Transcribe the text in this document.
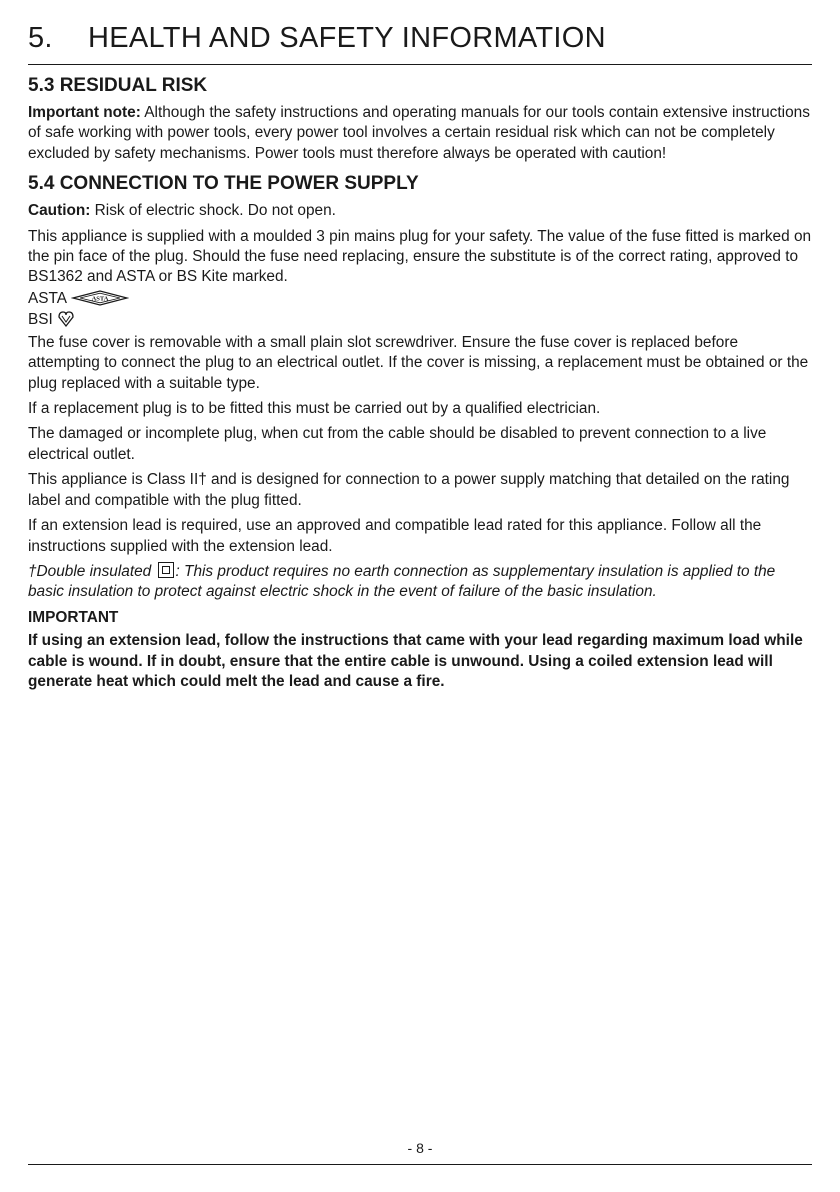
5. HEALTH AND SAFETY INFORMATION
5.3 RESIDUAL RISK

Important note: Although the safety instructions and operating manuals for our tools contain extensive instructions of safe working with power tools, every power tool involves a certain residual risk which can not be completely excluded by safety mechanisms. Power tools must therefore always be operated with caution!

5.4 CONNECTION TO THE POWER SUPPLY

Caution: Risk of electric shock. Do not open.

This appliance is supplied with a moulded 3 pin mains plug for your safety. The value of the fuse fitted is marked on the pin face of the plug. Should the fuse need replacing, ensure the substitute is of the correct rating, approved to BS1362 and ASTA or BS Kite marked.

ASTA	ASTA
BSI

The fuse cover is removable with a small plain slot screwdriver. Ensure the fuse cover is replaced before attempting to connect the plug to an electrical outlet. If the cover is missing, a replacement must be obtained or the plug replaced with a suitable type.

If a replacement plug is to be fitted this must be carried out by a qualified electrician.

The damaged or incomplete plug, when cut from the cable should be disabled to prevent connection to a live electrical outlet.

This appliance is Class II† and is designed for connection to a power supply matching that detailed on the rating label and compatible with the plug fitted.

If an extension lead is required, use an approved and compatible lead rated for this appliance. Follow all the instructions supplied with the extension lead.

†Double insulated : This product requires no earth connection as supplementary insulation is applied to the basic insulation to protect against electric shock in the event of failure of the basic insulation.

IMPORTANT

If using an extension lead, follow the instructions that came with your lead regarding maximum load while cable is wound. If in doubt, ensure that the entire cable is unwound. Using a coiled extension lead will generate heat which could melt the lead and cause a fire.

- 8 -
